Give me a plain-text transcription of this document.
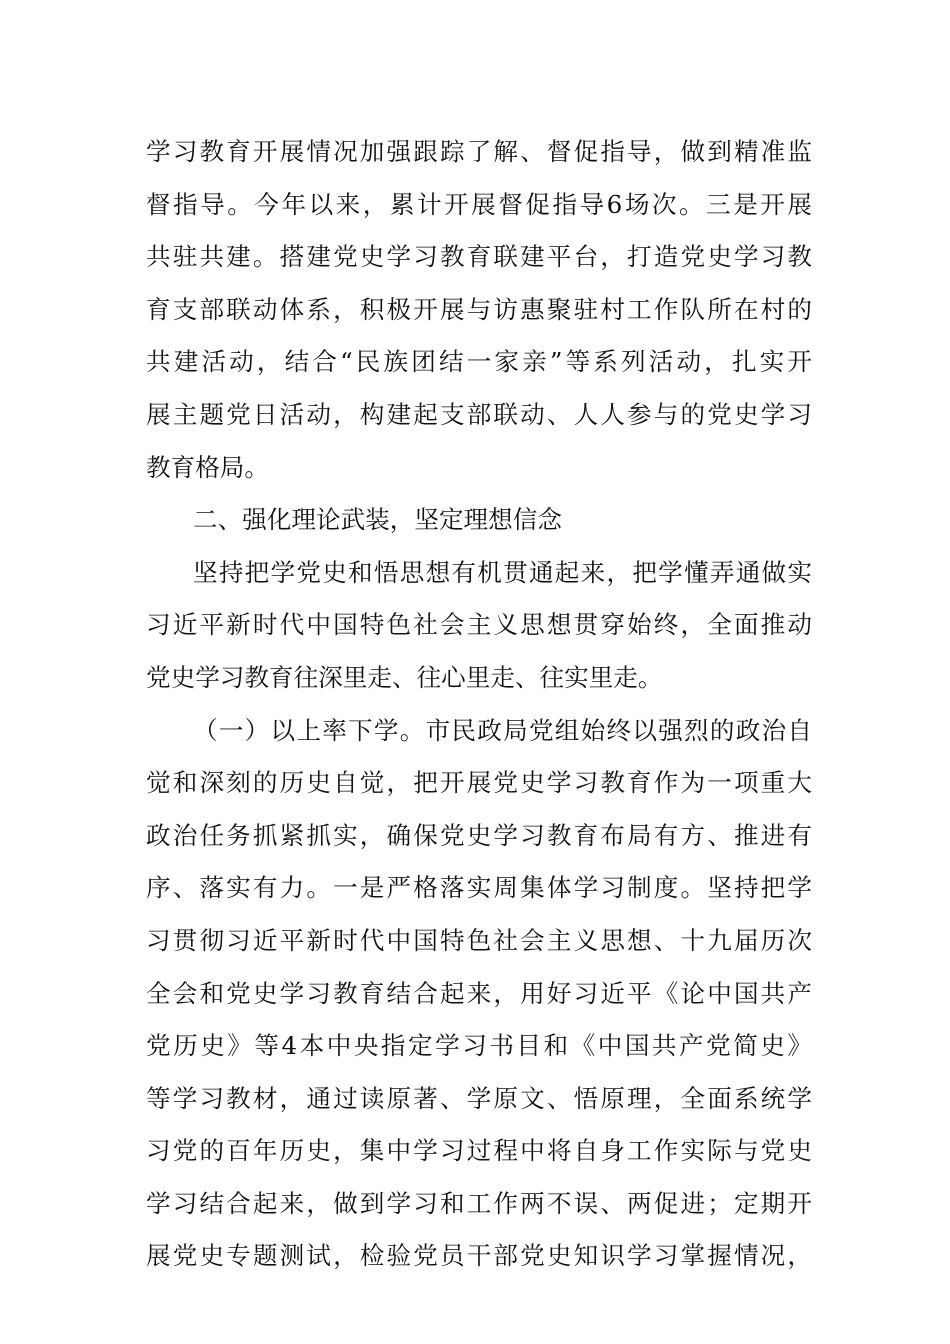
学习教育开展情况加强跟踪了解、督促指导，做到精准监
督指导。今年以来，累计开展督促指导6场次。三是开展
共驻共建。搭建党史学习教育联建平台，打造党史学习教
育支部联动体系，积极开展与访惠聚驻村工作队所在村的
共建活动，结合“民族团结一家亲”等系列活动，扎实开
展主题党日活动，构建起支部联动、人人参与的党史学习
教育格局。
二、强化理论武装，坚定理想信念
坚持把学党史和悟思想有机贯通起来，把学懂弄通做实
习近平新时代中国特色社会主义思想贯穿始终，全面推动
党史学习教育往深里走、往心里走、往实里走。
（一）以上率下学。市民政局党组始终以强烈的政治自
觉和深刻的历史自觉，把开展党史学习教育作为一项重大
政治任务抓紧抓实，确保党史学习教育布局有方、推进有
序、落实有力。一是严格落实周集体学习制度。坚持把学
习贯彻习近平新时代中国特色社会主义思想、十九届历次
全会和党史学习教育结合起来，用好习近平《论中国共产
党历史》等4本中央指定学习书目和《中国共产党简史》
等学习教材，通过读原著、学原文、悟原理，全面系统学
习党的百年历史，集中学习过程中将自身工作实际与党史
学习结合起来，做到学习和工作两不误、两促进；定期开
展党史专题测试，检验党员干部党史知识学习掌握情况，
